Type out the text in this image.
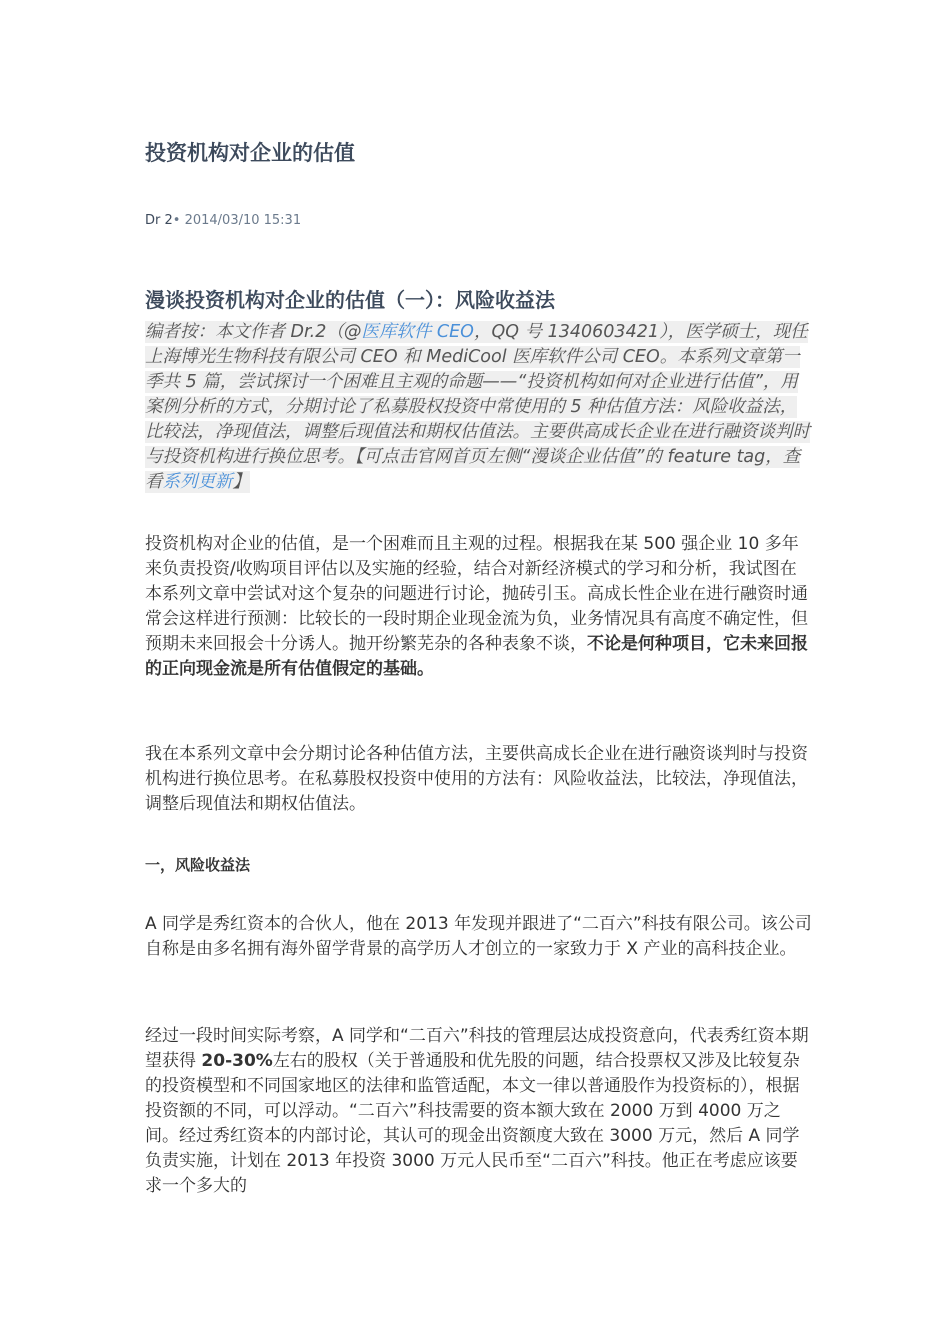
投资机构对企业的估值
Dr 2• 2014/03/10 15:31
漫谈投资机构对企业的估值（一）：风险收益法
编者按：本文作者 Dr.2（@医库软件 CEO，QQ 号 1340603421），医学硕士，现任上海博光生物科技有限公司 CEO 和 MediCool 医库软件公司 CEO。本系列文章第一季共 5 篇，尝试探讨一个困难且主观的命题——“投资机构如何对企业进行估值”，用案例分析的方式，分期讨论了私募股权投资中常使用的 5 种估值方法：风险收益法，比较法，净现值法，调整后现值法和期权估值法。主要供高成长企业在进行融资谈判时与投资机构进行换位思考。【可点击官网首页左侧“漫谈企业估值”的 feature tag，查看系列更新】

投资机构对企业的估值，是一个困难而且主观的过程。根据我在某 500 强企业 10 多年来负责投资/收购项目评估以及实施的经验，结合对新经济模式的学习和分析，我试图在本系列文章中尝试对这个复杂的问题进行讨论，抛砖引玉。高成长性企业在进行融资时通常会这样进行预测：比较长的一段时期企业现金流为负，业务情况具有高度不确定性，但预期未来回报会十分诱人。抛开纷繁芜杂的各种表象不谈，不论是何种项目，它未来回报的正向现金流是所有估值假定的基础。

我在本系列文章中会分期讨论各种估值方法，主要供高成长企业在进行融资谈判时与投资机构进行换位思考。在私募股权投资中使用的方法有：风险收益法，比较法，净现值法，调整后现值法和期权估值法。

一，风险收益法

A 同学是秀红资本的合伙人，他在 2013 年发现并跟进了“二百六”科技有限公司。该公司自称是由多名拥有海外留学背景的高学历人才创立的一家致力于 X 产业的高科技企业。

经过一段时间实际考察，A 同学和“二百六”科技的管理层达成投资意向，代表秀红资本期望获得 20-30%左右的股权（关于普通股和优先股的问题，结合投票权又涉及比较复杂的投资模型和不同国家地区的法律和监管适配，本文一律以普通股作为投资标的），根据投资额的不同，可以浮动。“二百六”科技需要的资本额大致在 2000 万到 4000 万之间。经过秀红资本的内部讨论，其认可的现金出资额度大致在 3000 万元，然后 A 同学负责实施，计划在 2013 年投资 3000 万元人民币至“二百六”科技。他正在考虑应该要求一个多大的
